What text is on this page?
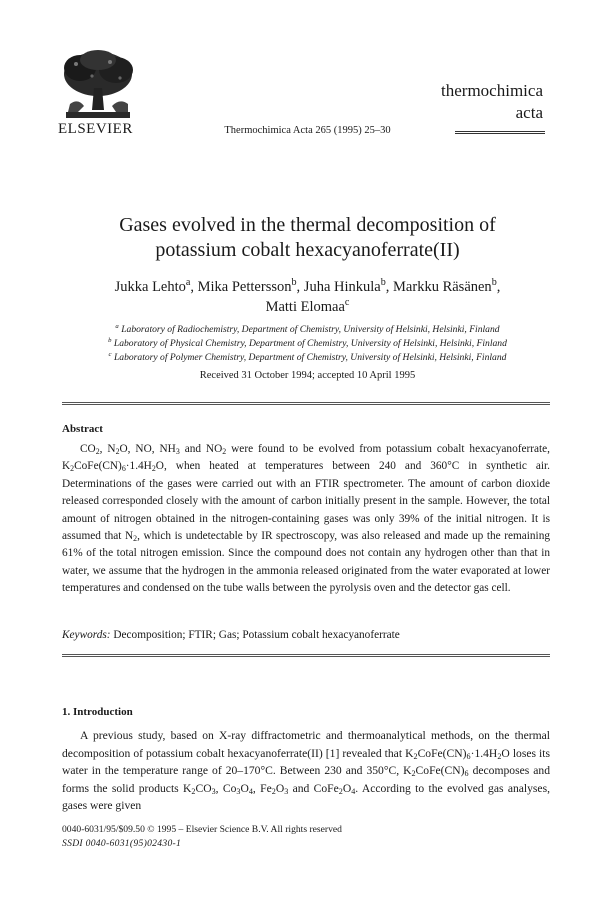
ELSEVIER	Thermochimica Acta 265 (1995) 25–30
thermochimica
acta
Gases evolved in the thermal decomposition of
potassium cobalt hexacyanoferrate(II)
Jukka Lehto$^a$, Mika Pettersson$^b$, Juha Hinkula$^b$, Markku Räsänen$^b$,
Matti Elomaa$^c$
$^a$ Laboratory of Radiochemistry, Department of Chemistry, University of Helsinki, Helsinki, Finland
$^b$ Laboratory of Physical Chemistry, Department of Chemistry, University of Helsinki, Helsinki, Finland
$^c$ Laboratory of Polymer Chemistry, Department of Chemistry, University of Helsinki, Helsinki, Finland
Received 31 October 1994; accepted 10 April 1995
Abstract

$CO_2$, $N_2O$, NO, $NH_3$ and $NO_2$ were found to be evolved from potassium cobalt hexacyanoferrate, $K_2CoFe(CN)_6\cdot 1.4H_2O$, when heated at temperatures between 240 and 360°C in synthetic air. Determinations of the gases were carried out with an FTIR spectrometer. The amount of carbon dioxide released corresponded closely with the amount of carbon initially present in the sample. However, the total amount of nitrogen obtained in the nitrogen-containing gases was only 39% of the initial nitrogen. It is assumed that $N_2$, which is undetectable by IR spectroscopy, was also released and made up the remaining 61% of the total nitrogen emission. Since the compound does not contain any hydrogen other than that in water, we assume that the hydrogen in the ammonia released originated from the water evaporated at lower temperatures and condensed on the tube walls between the pyrolysis oven and the detector gas cell.

Keywords: Decomposition; FTIR; Gas; Potassium cobalt hexacyanoferrate
1. Introduction

A previous study, based on X-ray diffractometric and thermoanalytical methods, on the thermal decomposition of potassium cobalt hexacyanoferrate(II) [1] revealed that $K_2CoFe(CN)_6\cdot 1.4H_2O$ loses its water in the temperature range of 20–170°C. Between 230 and 350°C, $K_2CoFe(CN)_6$ decomposes and forms the solid products $K_2CO_3$, $Co_3O_4$, $Fe_2O_3$ and $CoFe_2O_4$. According to the evolved gas analyses, gases were given

0040-6031/95/$09.50 © 1995 – Elsevier Science B.V. All rights reserved
SSDI 0040-6031(95)02430-1
